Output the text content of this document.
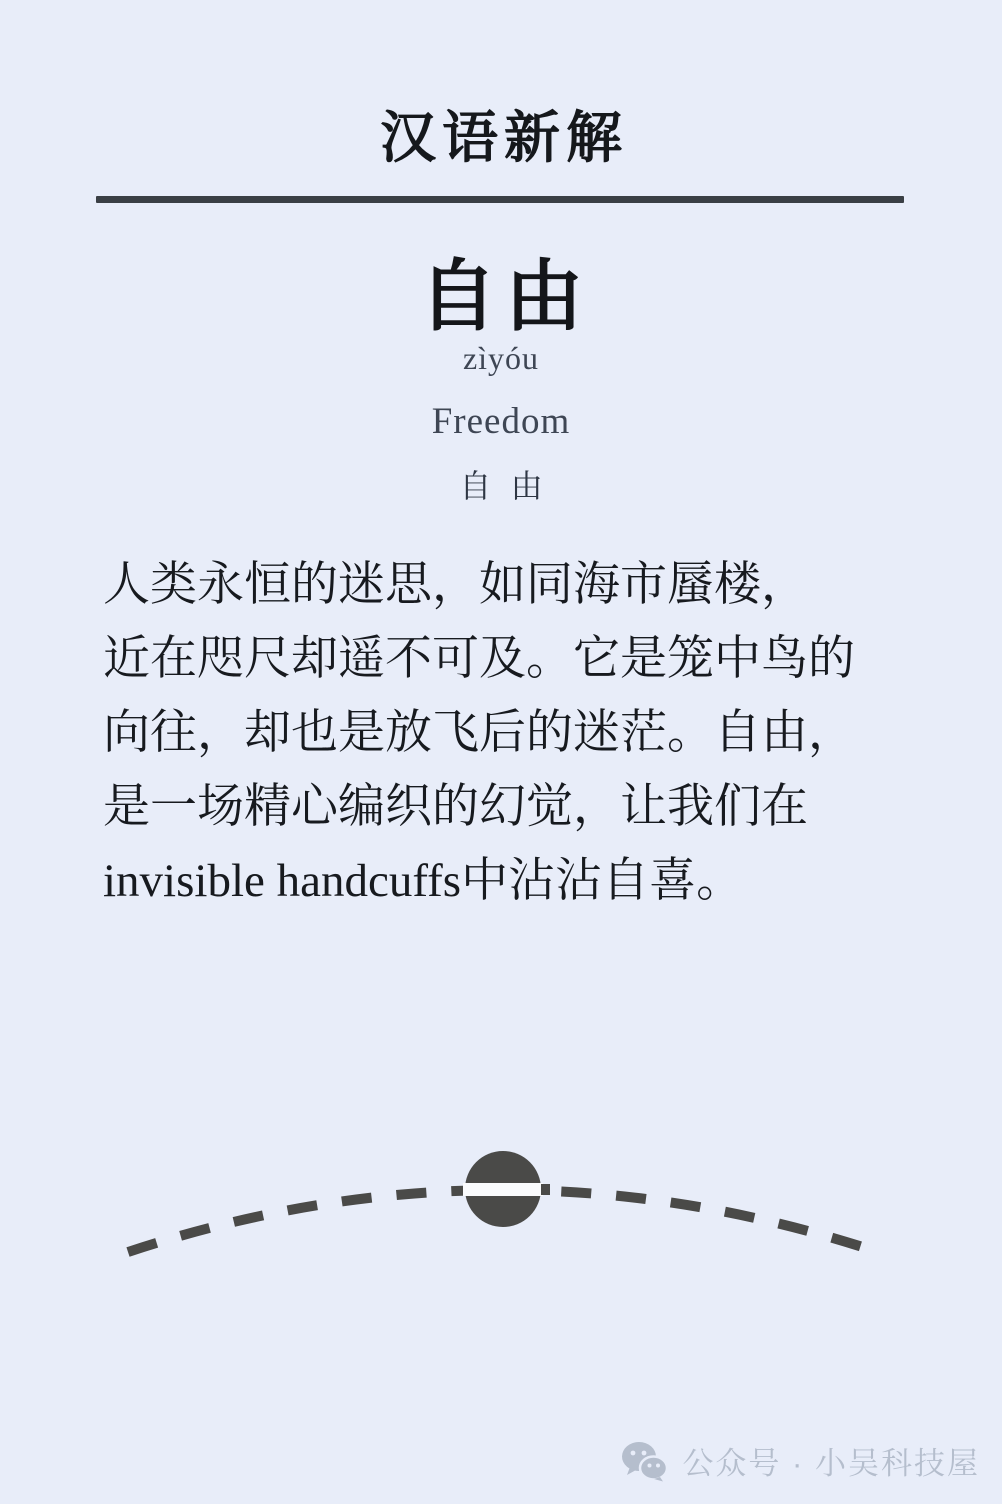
汉语新解
自由
zìyóu
Freedom
自由
人类永恒的迷思，如同海市蜃楼，
近在咫尺却遥不可及。它是笼中鸟的
向往，却也是放飞后的迷茫。自由，
是一场精心编织的幻觉，让我们在
invisible handcuffs中沾沾自喜。
公众号 · 小吴科技屋
